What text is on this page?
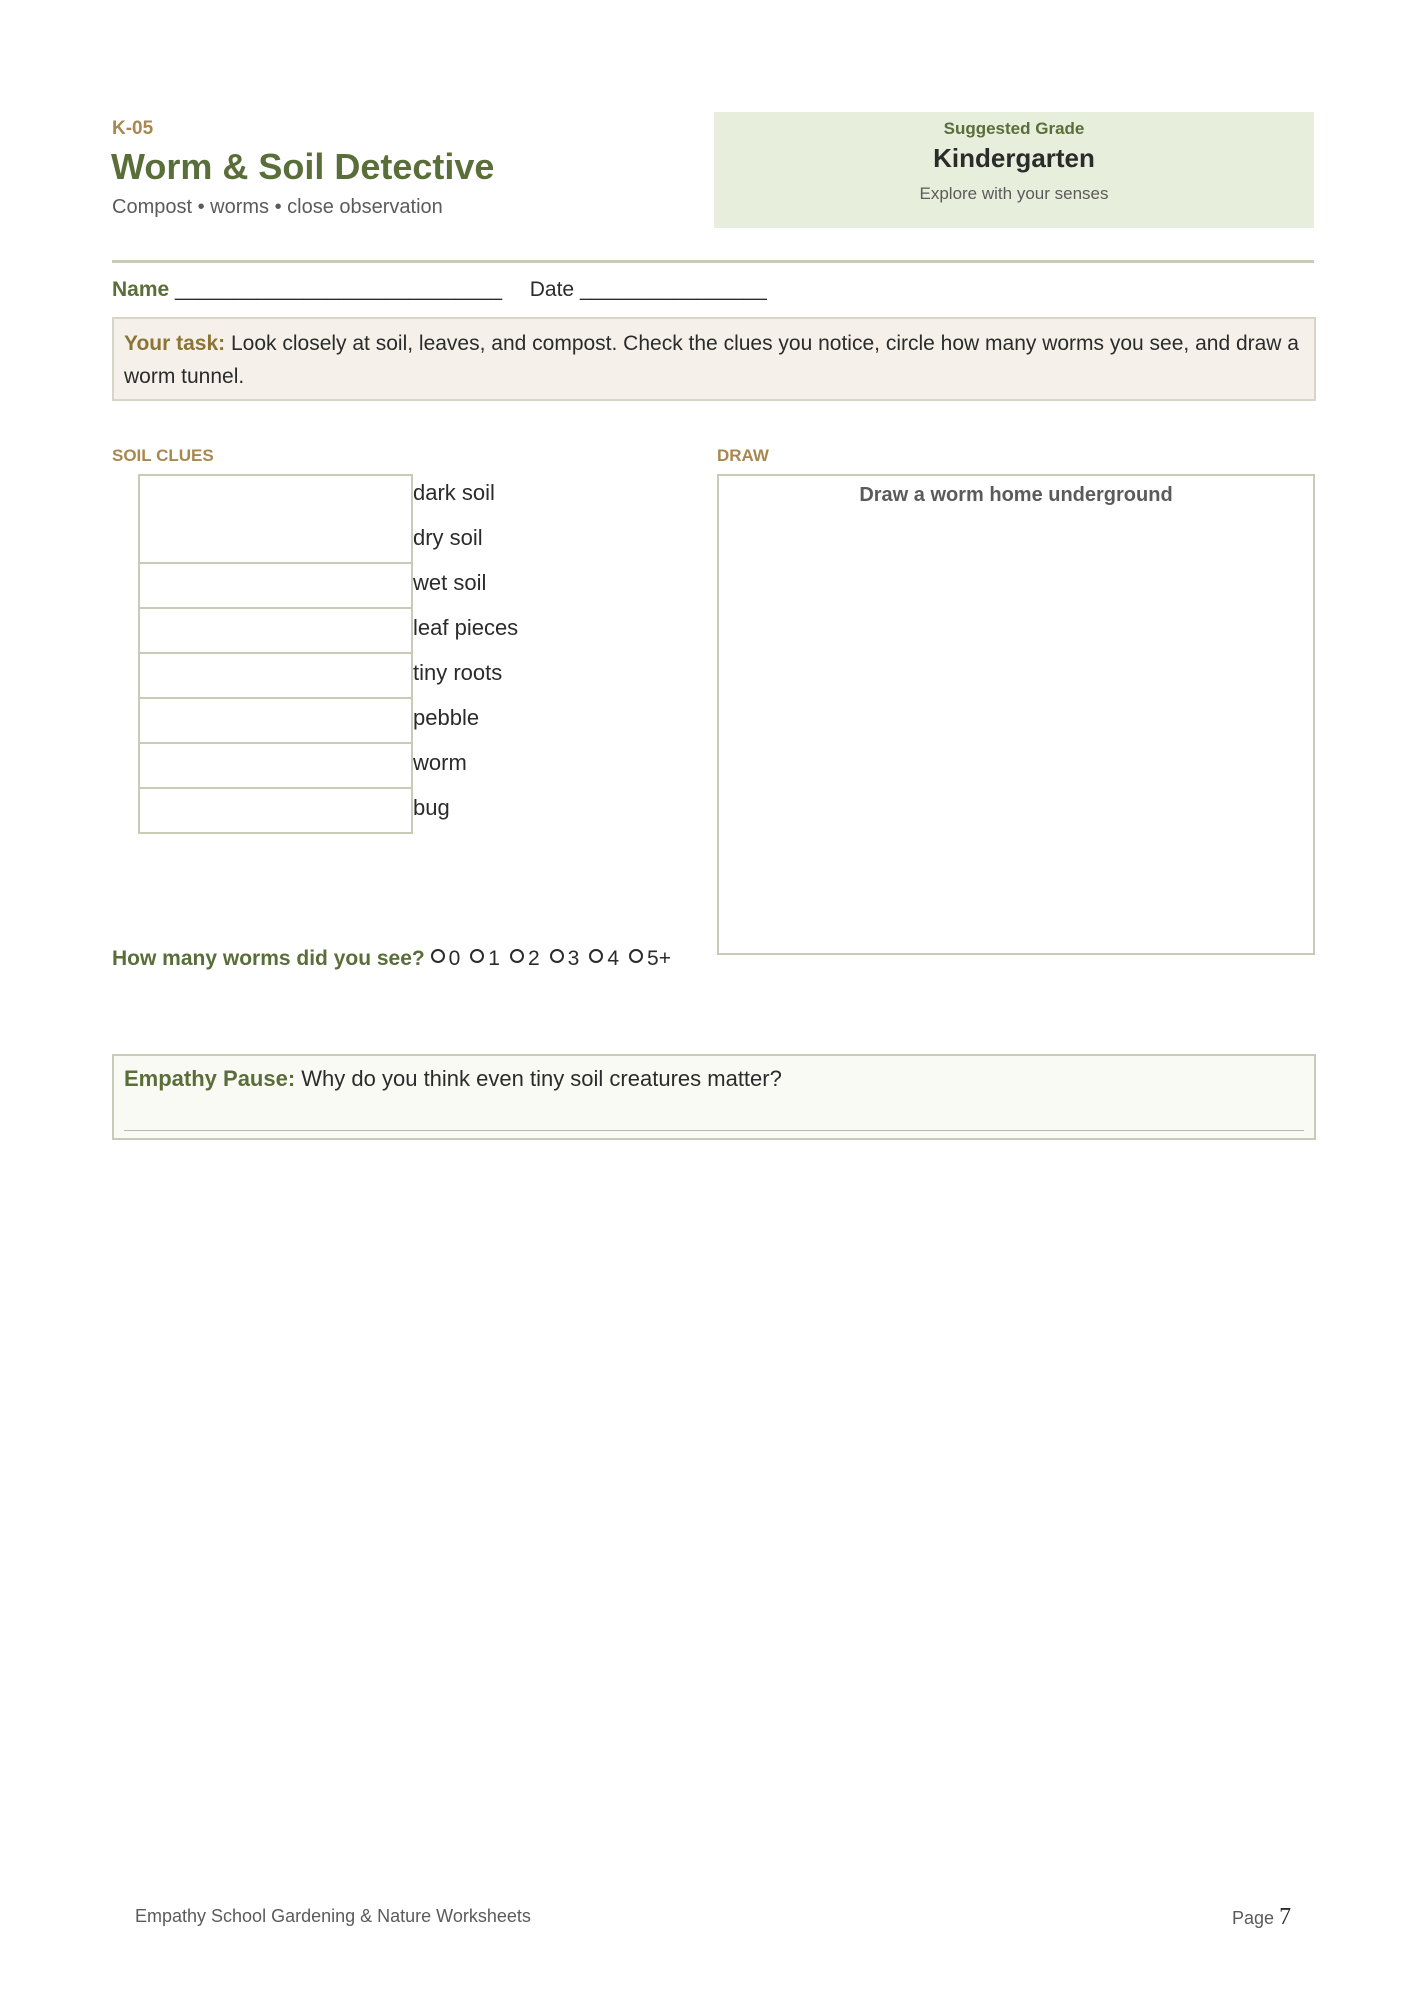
K-05
Worm & Soil Detective
Compost • worms • close observation
Suggested Grade
Kindergarten
Explore with your senses
Name ____________________________ Date ________________
Your task: Look closely at soil, leaves, and compost. Check the clues you notice, circle how many worms you see, and draw a worm tunnel.
SOIL CLUES	DRAW
dark soil
dry soil
wet soil
leaf pieces
tiny roots
pebble
worm
bug
Draw a worm home underground
How many worms did you see? 0 1 2 3 4 5+
Empathy Pause: Why do you think even tiny soil creatures matter?
Empathy School Gardening & Nature Worksheets	Page 7
